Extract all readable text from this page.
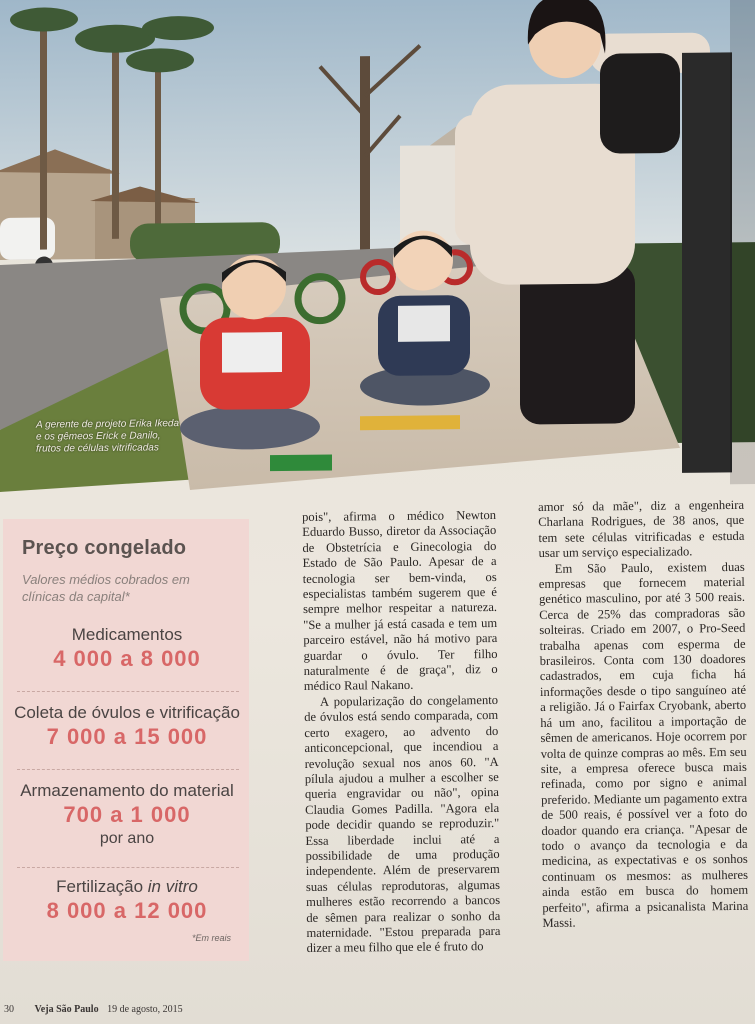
A gerente de projeto Erika Ikeda e os gêmeos Erick e Danilo, frutos de células vitrificadas
Preço congelado
Valores médios cobrados em clínicas da capital*
Medicamentos
4 000 a 8 000
Coleta de óvulos e vitrificação
7 000 a 15 000
Armazenamento do material
700 a 1 000
por ano
Fertilização in vitro
8 000 a 12 000
*Em reais

pois", afirma o médico Newton Eduardo Busso, diretor da Associação de Obstetrícia e Ginecologia do Estado de São Paulo. Apesar de a tecnologia ser bem-vinda, os especialistas também sugerem que é sempre melhor respeitar a natureza. "Se a mulher já está casada e tem um parceiro estável, não há motivo para guardar o óvulo. Ter filho naturalmente é de graça", diz o médico Raul Nakano.

A popularização do congelamento de óvulos está sendo comparada, com certo exagero, ao advento do anticoncepcional, que incendiou a revolução sexual nos anos 60. "A pílula ajudou a mulher a escolher se queria engravidar ou não", opina Claudia Gomes Padilla. "Agora ela pode decidir quando se reproduzir." Essa liberdade inclui até a possibilidade de uma produção independente. Além de preservarem suas células reprodutoras, algumas mulheres estão recorrendo a bancos de sêmen para realizar o sonho da maternidade. "Estou preparada para dizer a meu filho que ele é fruto do

amor só da mãe", diz a engenheira Charlana Rodrigues, de 38 anos, que tem sete células vitrificadas e estuda usar um serviço especializado.

Em São Paulo, existem duas empresas que fornecem material genético masculino, por até 3 500 reais. Cerca de 25% das compradoras são solteiras. Criado em 2007, o Pro-Seed trabalha apenas com esperma de brasileiros. Conta com 130 doadores cadastrados, em cuja ficha há informações desde o tipo sanguíneo até a religião. Já o Fairfax Cryobank, aberto há um ano, facilitou a importação de sêmen de americanos. Hoje ocorrem por volta de quinze compras ao mês. Em seu site, a empresa oferece busca mais refinada, como por signo e animal preferido. Mediante um pagamento extra de 500 reais, é possível ver a foto do doador quando era criança. "Apesar de todo o avanço da tecnologia e da medicina, as expectativas e os sonhos continuam os mesmos: as mulheres ainda estão em busca do homem perfeito", afirma a psicanalista Marina Massi.

30 Veja São Paulo 19 de agosto, 2015
